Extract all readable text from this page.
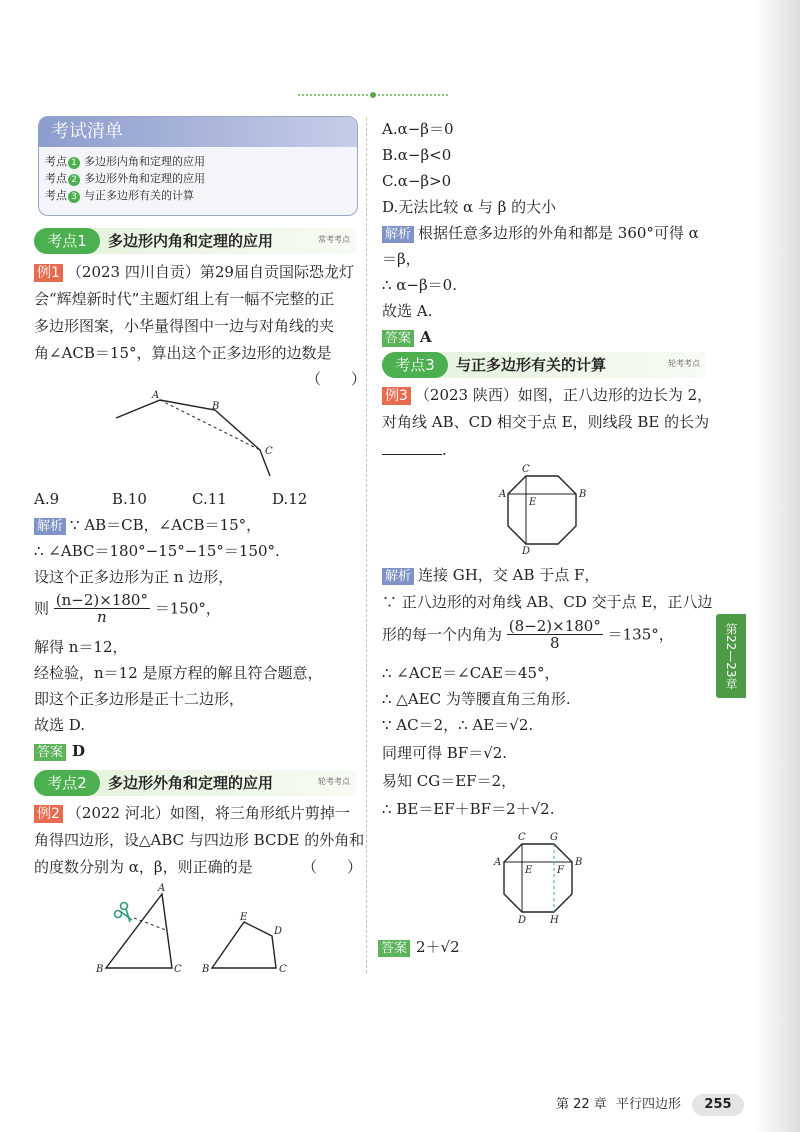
考试清单
考点 1 多边形内角和定理的应用
考点 2 多边形外角和定理的应用
考点 3 与正多边形有关的计算
考点1	多边形内角和定理的应用	常考考点
例1 （2023 四川自贡）第29届自贡国际恐龙灯
会“辉煌新时代”主题灯组上有一幅不完整的正
多边形图案，小华量得图中一边与对角线的夹
角∠ACB＝15°，算出这个正多边形的边数是
（　　）
A
B
C
A.9	B.10	C.11	D.12
解析 ∵ AB＝CB，∠ACB＝15°，
∴ ∠ABC＝180°−15°−15°＝150°.
设这个正多边形为正 n 边形，
则 $\frac{(n-2)\times 180^\circ}{n} =150^\circ$，
解得 n＝12，
经检验，n＝12 是原方程的解且符合题意，
即这个正多边形是正十二边形，
故选 D.
答案 D
考点2	多边形外角和定理的应用	轮考考点
例2 （2022 河北）如图，将三角形纸片剪掉一
角得四边形，设△ABC 与四边形 BCDE 的外角和
的度数分别为 α，β，则正确的是	（　　）
A
B	C
E
D
B	C
A.α−β＝0
B.α−β<0
C.α−β>0
D.无法比较 α 与 β 的大小
解析 根据任意多边形的外角和都是 360°可得 α
＝β，
∴ α−β＝0.
故选 A.
答案 A
考点3	与正多边形有关的计算	轮考考点
例3 （2023 陕西）如图，正八边形的边长为 2，
对角线 AB、CD 相交于点 E，则线段 BE 的长为
.
C
A
E
B
D
解析 连接 GH，交 AB 于点 F，
∵ 正八边形的对角线 AB、CD 交于点 E，正八边
形的每一个内角为 $\frac{(8-2)\times 180^\circ}{8} =135^\circ$，
∴ ∠ACE＝∠CAE＝45°，
∴ △AEC 为等腰直角三角形.
∵ AC＝2，∴ AE＝√2.
同理可得 BF＝√2.
易知 CG＝EF＝2，
∴ BE＝EF＋BF＝2＋√2.
C G
A
E F
B
D H
答案 2＋√2
第22—23章
第 22 章 平行四边形	255
